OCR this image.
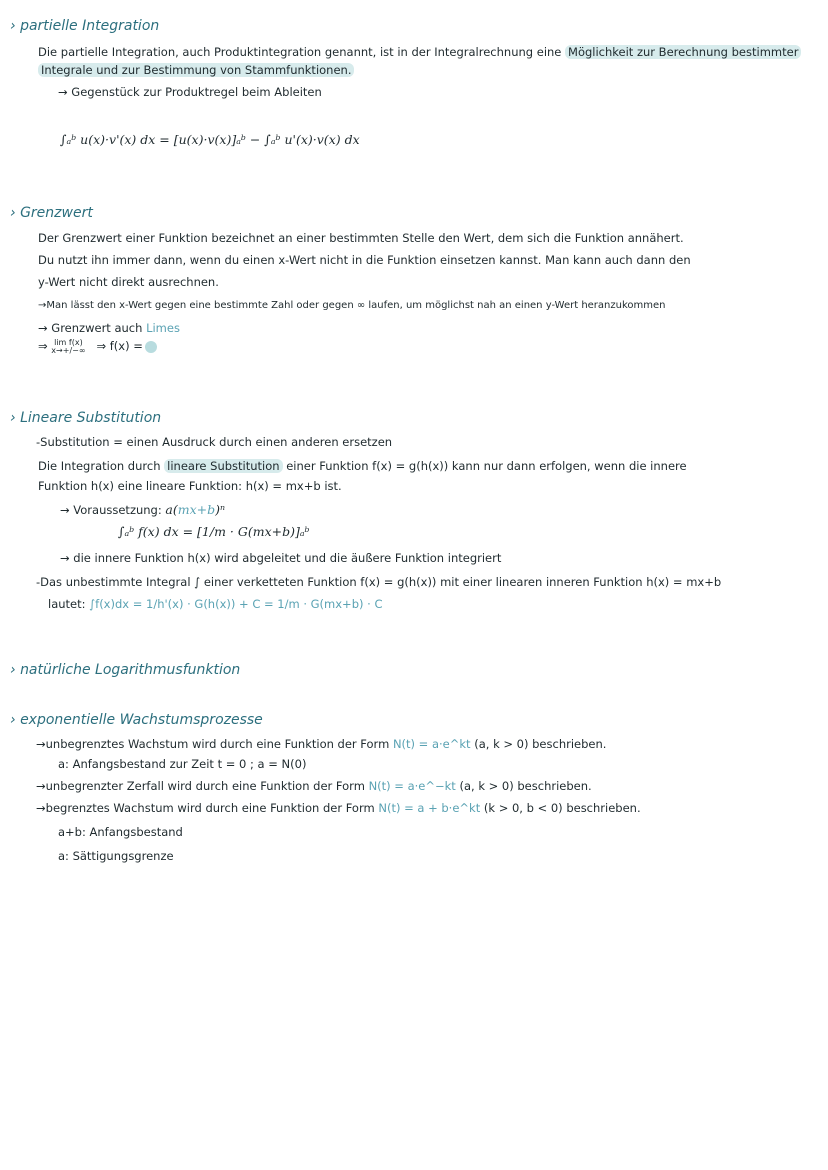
› partielle Integration
Die partielle Integration, auch Produktintegration genannt, ist in der Integralrechnung eine Möglichkeit zur Berechnung bestimmter
Integrale und zur Bestimmung von Stammfunktionen.
→ Gegenstück zur Produktregel beim Ableiten
∫ₐᵇ u(x)·v'(x) dx = [u(x)·v(x)]ₐᵇ − ∫ₐᵇ u'(x)·v(x) dx
› Grenzwert
Der Grenzwert einer Funktion bezeichnet an einer bestimmten Stelle den Wert, dem sich die Funktion annähert.
Du nutzt ihn immer dann, wenn du einen x-Wert nicht in die Funktion einsetzen kannst. Man kann auch dann den
y-Wert nicht direkt ausrechnen.
→Man lässt den x-Wert gegen eine bestimmte Zahl oder gegen ∞ laufen, um möglichst nah an einen y-Wert heranzukommen
→ Grenzwert auch Limes
⇒ lim f(x)
x→+/−∞ ⇒ f(x) =
› Lineare Substitution
-Substitution = einen Ausdruck durch einen anderen ersetzen
Die Integration durch lineare Substitution einer Funktion f(x) = g(h(x)) kann nur dann erfolgen, wenn die innere
Funktion h(x) eine lineare Funktion: h(x) = mx+b ist.
→ Voraussetzung: a(mx+b)ⁿ
∫ₐᵇ f(x) dx = [1/m · G(mx+b)]ₐᵇ
→ die innere Funktion h(x) wird abgeleitet und die äußere Funktion integriert
-Das unbestimmte Integral ∫ einer verketteten Funktion f(x) = g(h(x)) mit einer linearen inneren Funktion h(x) = mx+b
lautet: ∫f(x)dx = 1/h'(x) · G(h(x)) + C = 1/m · G(mx+b) · C
› natürliche Logarithmusfunktion
› exponentielle Wachstumsprozesse
→unbegrenztes Wachstum wird durch eine Funktion der Form N(t) = a·e^kt (a, k > 0) beschrieben.
a: Anfangsbestand zur Zeit t = 0 ; a = N(0)
→unbegrenzter Zerfall wird durch eine Funktion der Form N(t) = a·e^−kt (a, k > 0) beschrieben.
→begrenztes Wachstum wird durch eine Funktion der Form N(t) = a + b·e^kt (k > 0, b < 0) beschrieben.
a+b: Anfangsbestand
a: Sättigungsgrenze
